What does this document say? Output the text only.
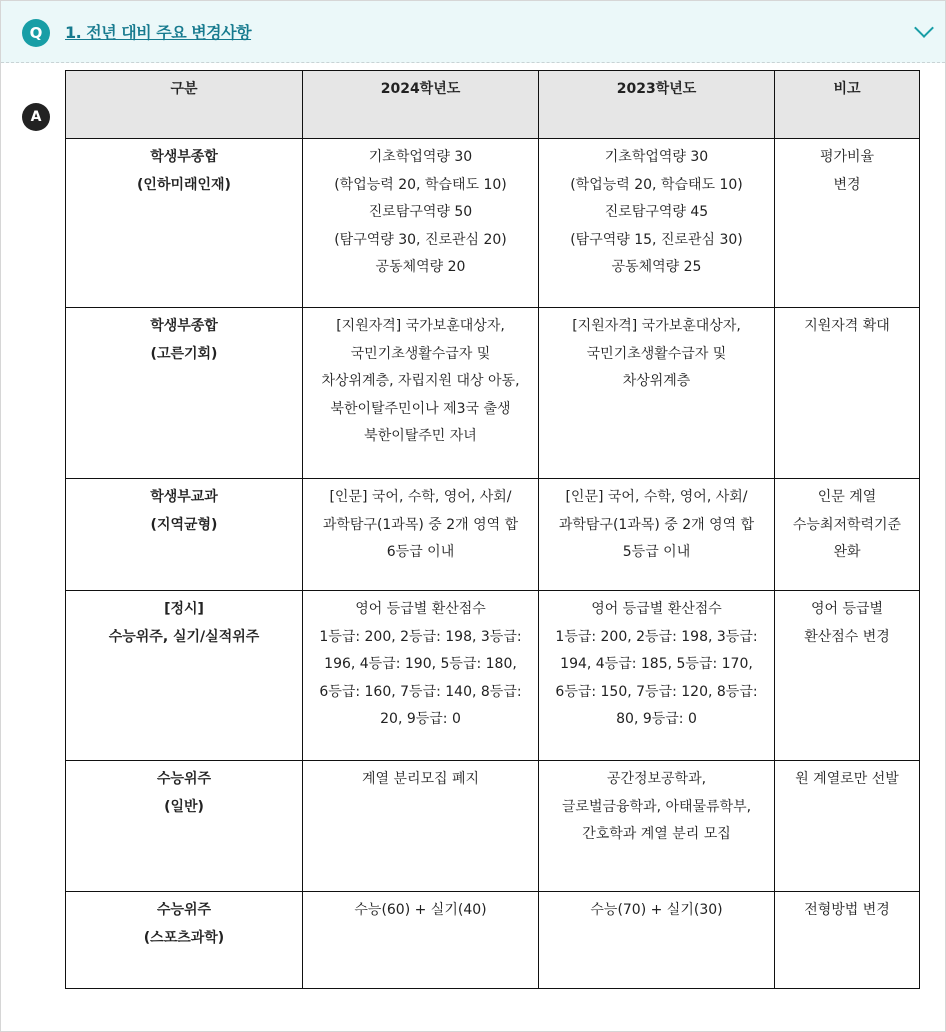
Q	1. 전년 대비 주요 변경사항
A
구분	2024학년도	2023학년도	비고

학생부종합
(인하미래인재)	기초학업역량 30
(학업능력 20, 학습태도 10)
진로탐구역량 50
(탐구역량 30, 진로관심 20)
공동체역량 20	기초학업역량 30
(학업능력 20, 학습태도 10)
진로탐구역량 45
(탐구역량 15, 진로관심 30)
공동체역량 25	평가비율
변경

학생부종합
(고른기회)	[지원자격] 국가보훈대상자,
국민기초생활수급자 및
차상위계층, 자립지원 대상 아동,
북한이탈주민이나 제3국 출생
북한이탈주민 자녀	[지원자격] 국가보훈대상자,
국민기초생활수급자 및
차상위계층	지원자격 확대

학생부교과
(지역균형)	[인문] 국어, 수학, 영어, 사회/
과학탐구(1과목) 중 2개 영역 합
6등급 이내	[인문] 국어, 수학, 영어, 사회/
과학탐구(1과목) 중 2개 영역 합
5등급 이내	인문 계열
수능최저학력기준
완화

[정시]
수능위주, 실기/실적위주	영어 등급별 환산점수
1등급: 200, 2등급: 198, 3등급:
196, 4등급: 190, 5등급: 180,
6등급: 160, 7등급: 140, 8등급:
20, 9등급: 0	영어 등급별 환산점수
1등급: 200, 2등급: 198, 3등급:
194, 4등급: 185, 5등급: 170,
6등급: 150, 7등급: 120, 8등급:
80, 9등급: 0	영어 등급별
환산점수 변경

수능위주
(일반)	계열 분리모집 폐지	공간정보공학과,
글로벌금융학과, 아태물류학부,
간호학과 계열 분리 모집	원 계열로만 선발

수능위주
(스포츠과학)	수능(60) + 실기(40)	수능(70) + 실기(30)	전형방법 변경
